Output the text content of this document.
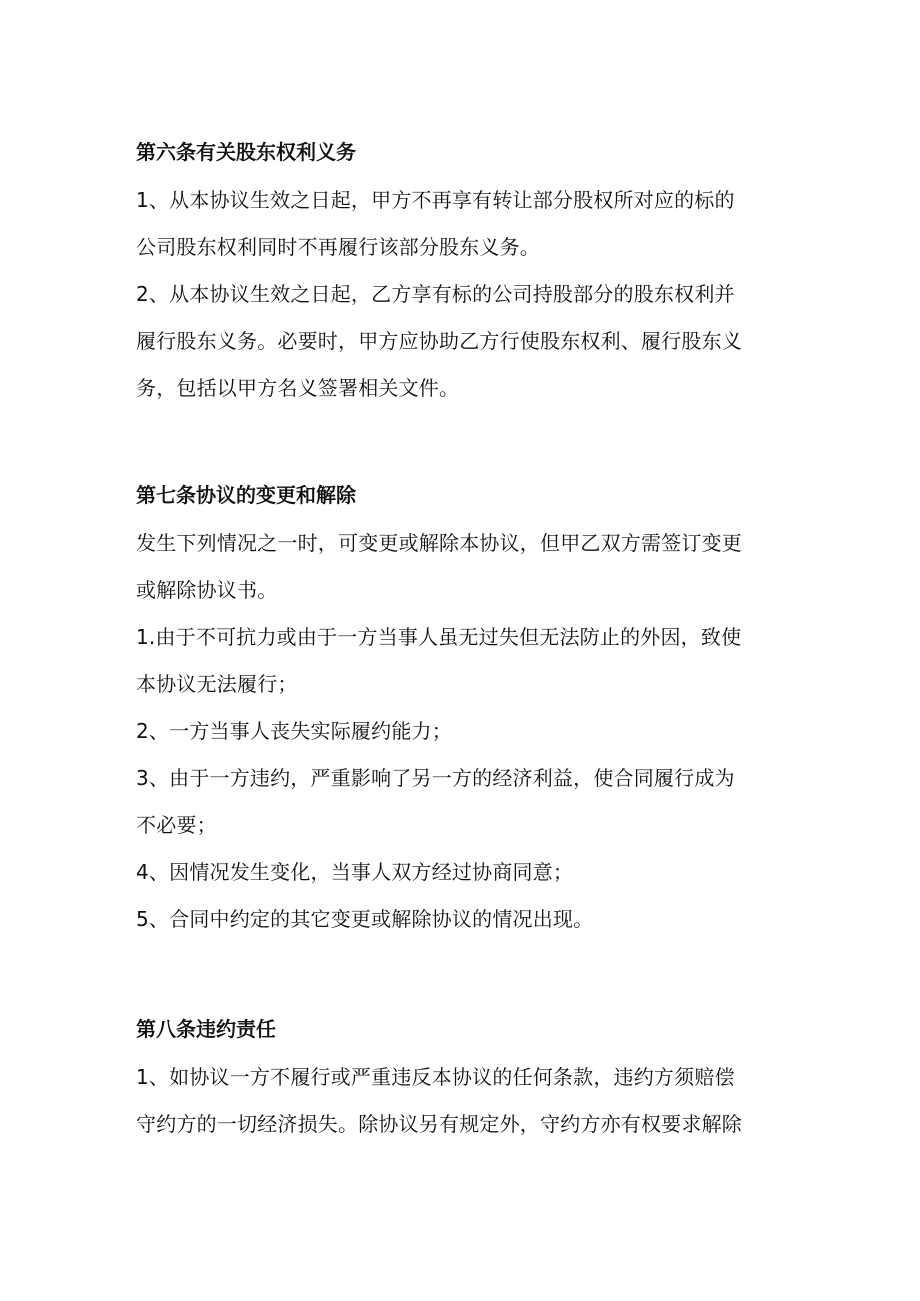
第六条有关股东权利义务
1、从本协议生效之日起，甲方不再享有转让部分股权所对应的标的
公司股东权利同时不再履行该部分股东义务。
2、从本协议生效之日起，乙方享有标的公司持股部分的股东权利并
履行股东义务。必要时，甲方应协助乙方行使股东权利、履行股东义
务，包括以甲方名义签署相关文件。
第七条协议的变更和解除
发生下列情况之一时，可变更或解除本协议，但甲乙双方需签订变更
或解除协议书。
1.由于不可抗力或由于一方当事人虽无过失但无法防止的外因，致使
本协议无法履行；
2、一方当事人丧失实际履约能力；
3、由于一方违约，严重影响了另一方的经济利益，使合同履行成为
不必要；
4、因情况发生变化，当事人双方经过协商同意；
5、合同中约定的其它变更或解除协议的情况出现。
第八条违约责任
1、如协议一方不履行或严重违反本协议的任何条款，违约方须赔偿
守约方的一切经济损失。除协议另有规定外，守约方亦有权要求解除
